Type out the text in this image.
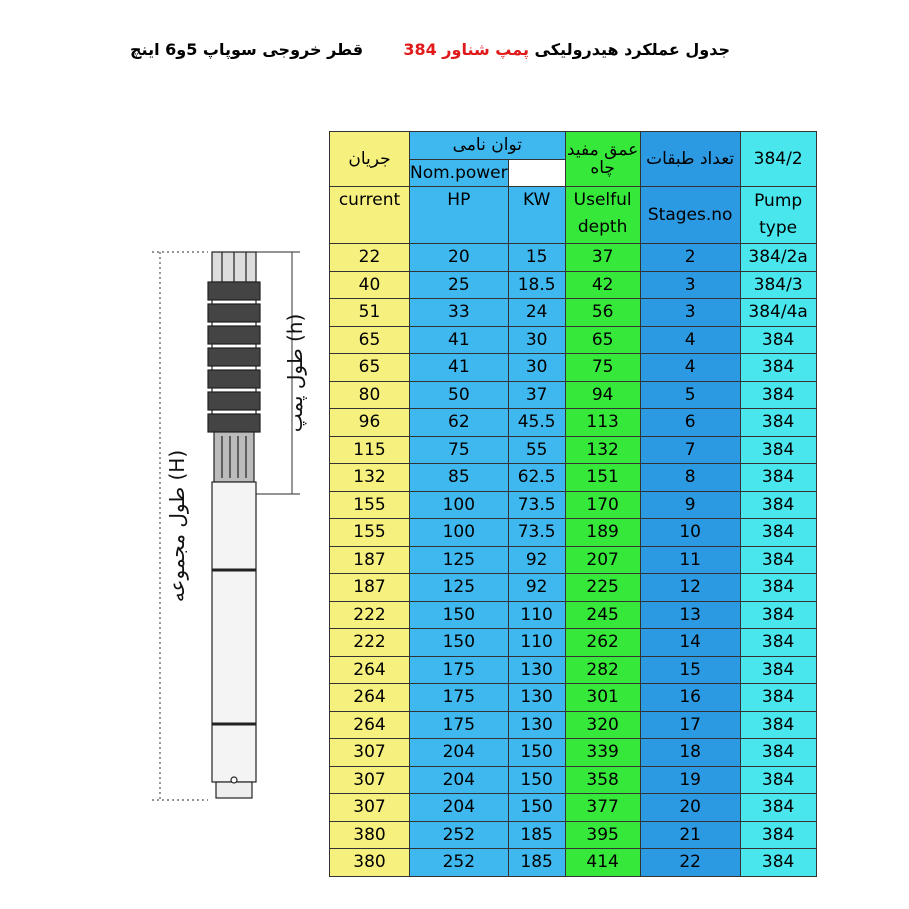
جدول عملکرد هیدرولیکی پمپ شناور 384
قطر خروجی سوپاپ 5و6 اینچ
طول مجموعه (H)
طول پمپ (h)
جریان	توان نامی		عمق مفید چاه	تعداد طبقات	384/2
	Nom.power				
current	HP	KW	Uselful depth	Stages.no	Pump type
22	20	15	37	2	384/2a
40	25	18.5	42	3	384/3
51	33	24	56	3	384/4a
65	41	30	65	4	384
65	41	30	75	4	384
80	50	37	94	5	384
96	62	45.5	113	6	384
115	75	55	132	7	384
132	85	62.5	151	8	384
155	100	73.5	170	9	384
155	100	73.5	189	10	384
187	125	92	207	11	384
187	125	92	225	12	384
222	150	110	245	13	384
222	150	110	262	14	384
264	175	130	282	15	384
264	175	130	301	16	384
264	175	130	320	17	384
307	204	150	339	18	384
307	204	150	358	19	384
307	204	150	377	20	384
380	252	185	395	21	384
380	252	185	414	22	384
